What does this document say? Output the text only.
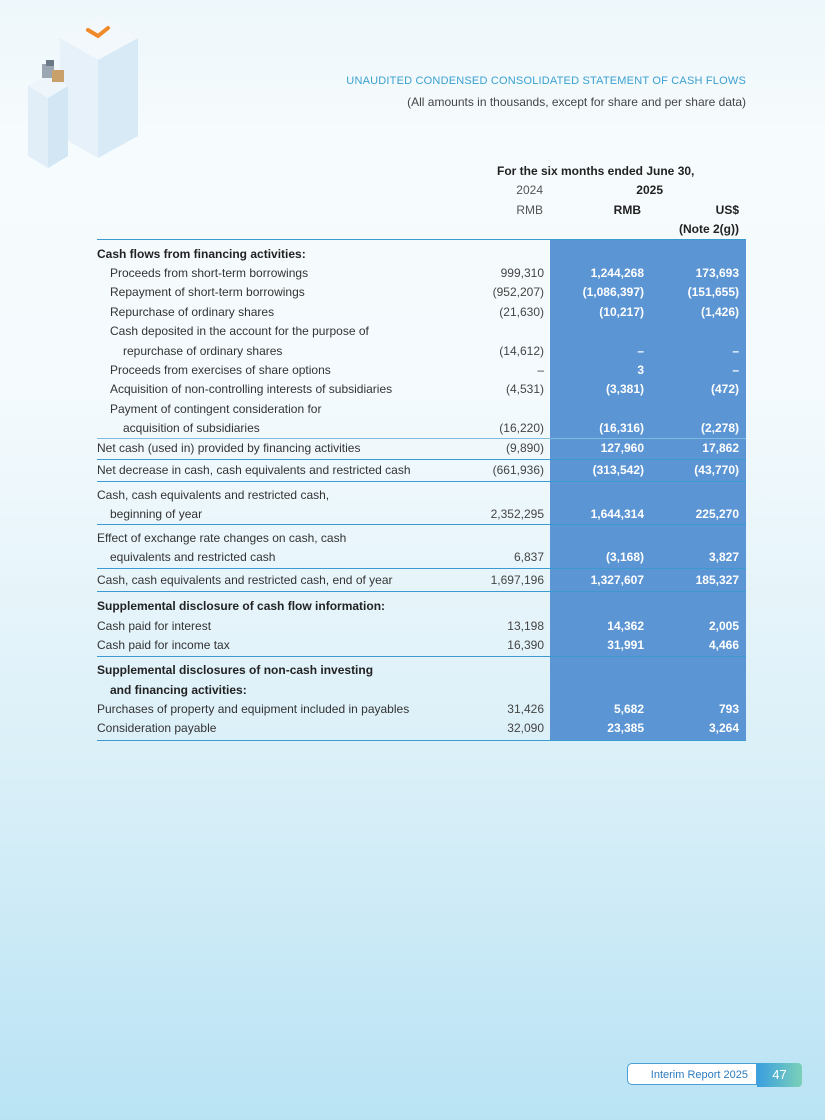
UNAUDITED CONDENSED CONSOLIDATED STATEMENT OF CASH FLOWS
(All amounts in thousands, except for share and per share data)
For the six months ended June 30,
2024	2025
RMB	RMB	US$
(Note 2(g))
Cash flows from financing activities:
Proceeds from short-term borrowings	999,310	1,244,268	173,693
Repayment of short-term borrowings	(952,207)	(1,086,397)	(151,655)
Repurchase of ordinary shares	(21,630)	(10,217)	(1,426)
Cash deposited in the account for the purpose of
repurchase of ordinary shares	(14,612)	–	–
Proceeds from exercises of share options	–	3	–
Acquisition of non-controlling interests of subsidiaries	(4,531)	(3,381)	(472)
Payment of contingent consideration for
acquisition of subsidiaries	(16,220)	(16,316)	(2,278)
Net cash (used in) provided by financing activities	(9,890)	127,960	17,862
Net decrease in cash, cash equivalents and restricted cash	(661,936)	(313,542)	(43,770)
Cash, cash equivalents and restricted cash,
beginning of year	2,352,295	1,644,314	225,270
Effect of exchange rate changes on cash, cash
equivalents and restricted cash	6,837	(3,168)	3,827
Cash, cash equivalents and restricted cash, end of year	1,697,196	1,327,607	185,327
Supplemental disclosure of cash flow information:
Cash paid for interest	13,198	14,362	2,005
Cash paid for income tax	16,390	31,991	4,466
Supplemental disclosures of non-cash investing
and financing activities:
Purchases of property and equipment included in payables	31,426	5,682	793
Consideration payable	32,090	23,385	3,264
Interim Report 2025	47
